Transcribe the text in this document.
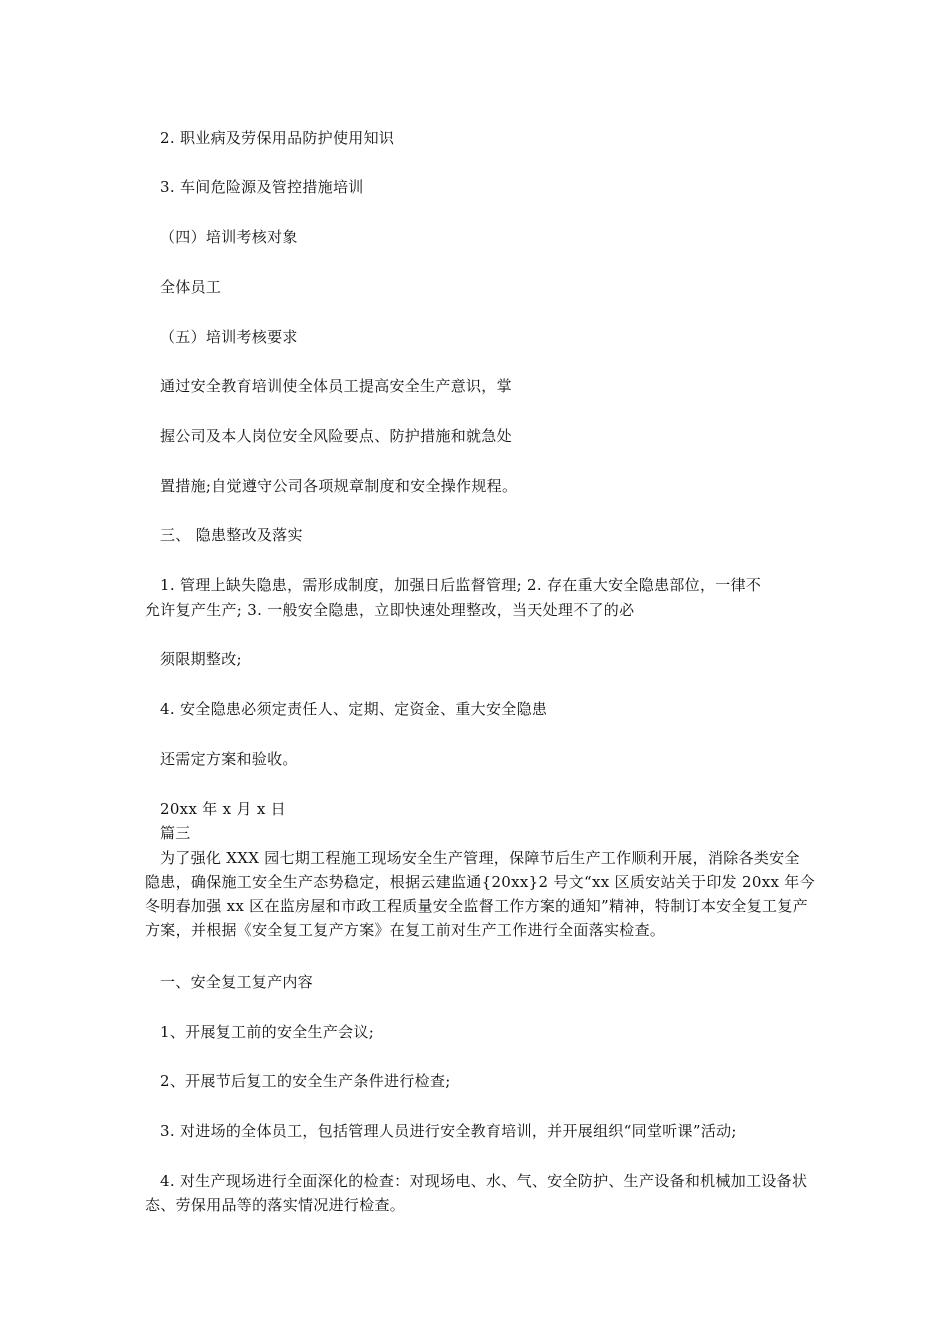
2. 职业病及劳保用品防护使用知识
3. 车间危险源及管控措施培训
（四）培训考核对象
全体员工
（五）培训考核要求
通过安全教育培训使全体员工提高安全生产意识，掌
握公司及本人岗位安全风险要点、防护措施和就急处
置措施;自觉遵守公司各项规章制度和安全操作规程。
三、 隐患整改及落实
1. 管理上缺失隐患，需形成制度，加强日后监督管理; 2. 存在重大安全隐患部位，一律不
允许复产生产; 3. 一般安全隐患，立即快速处理整改，当天处理不了的必
须限期整改;
4. 安全隐患必须定责任人、定期、定资金、重大安全隐患
还需定方案和验收。
20xx 年 x 月 x 日
篇三
为了强化 XXX 园七期工程施工现场安全生产管理，保障节后生产工作顺利开展，消除各类安全隐患，确保施工安全生产态势稳定，根据云建监通{20xx}2 号文“xx 区质安站关于印发 20xx 年今冬明春加强 xx 区在监房屋和市政工程质量安全监督工作方案的通知”精神，特制订本安全复工复产方案，并根据《安全复工复产方案》在复工前对生产工作进行全面落实检查。
一、安全复工复产内容
1、开展复工前的安全生产会议;
2、开展节后复工的安全生产条件进行检查;
3. 对进场的全体员工，包括管理人员进行安全教育培训，并开展组织“同堂听课”活动;
4. 对生产现场进行全面深化的检查：对现场电、水、气、安全防护、生产设备和机械加工设备状态、劳保用品等的落实情况进行检查。
